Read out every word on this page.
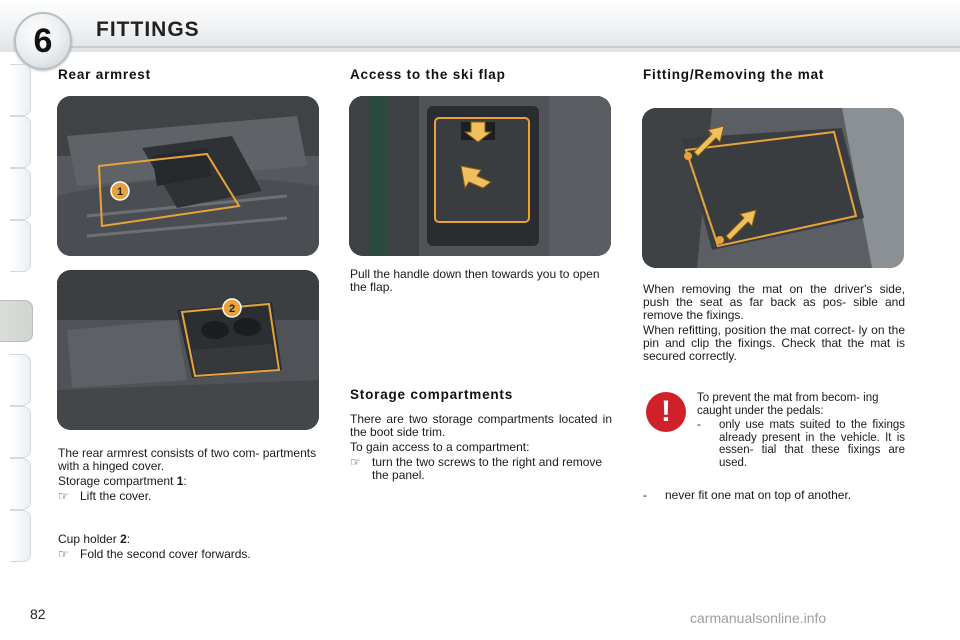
6	FITTINGS
Rear armrest
1
2

The rear armrest consists of two com- partments with a hinged cover.

Storage compartment 1:

☞ Lift the cover.

Cup holder 2:

☞ Fold the second cover forwards.
Access to the ski flap

Pull the handle down then towards you to open the flap.

Storage compartments

There are two storage compartments located in the boot side trim.

To gain access to a compartment:

☞ turn the two screws to the right and remove the panel.
Fitting/Removing the mat

When removing the mat on the driver's side, push the seat as far back as pos- sible and remove the fixings.

When refitting, position the mat correct- ly on the pin and clip the fixings. Check that the mat is secured correctly.

!	To prevent the mat from becom- ing caught under the pedals:

-	only use mats suited to the fixings already present in the vehicle. It is essen- tial that these fixings are used.
-	never fit one mat on top of another.
82	carmanualsonline.info
